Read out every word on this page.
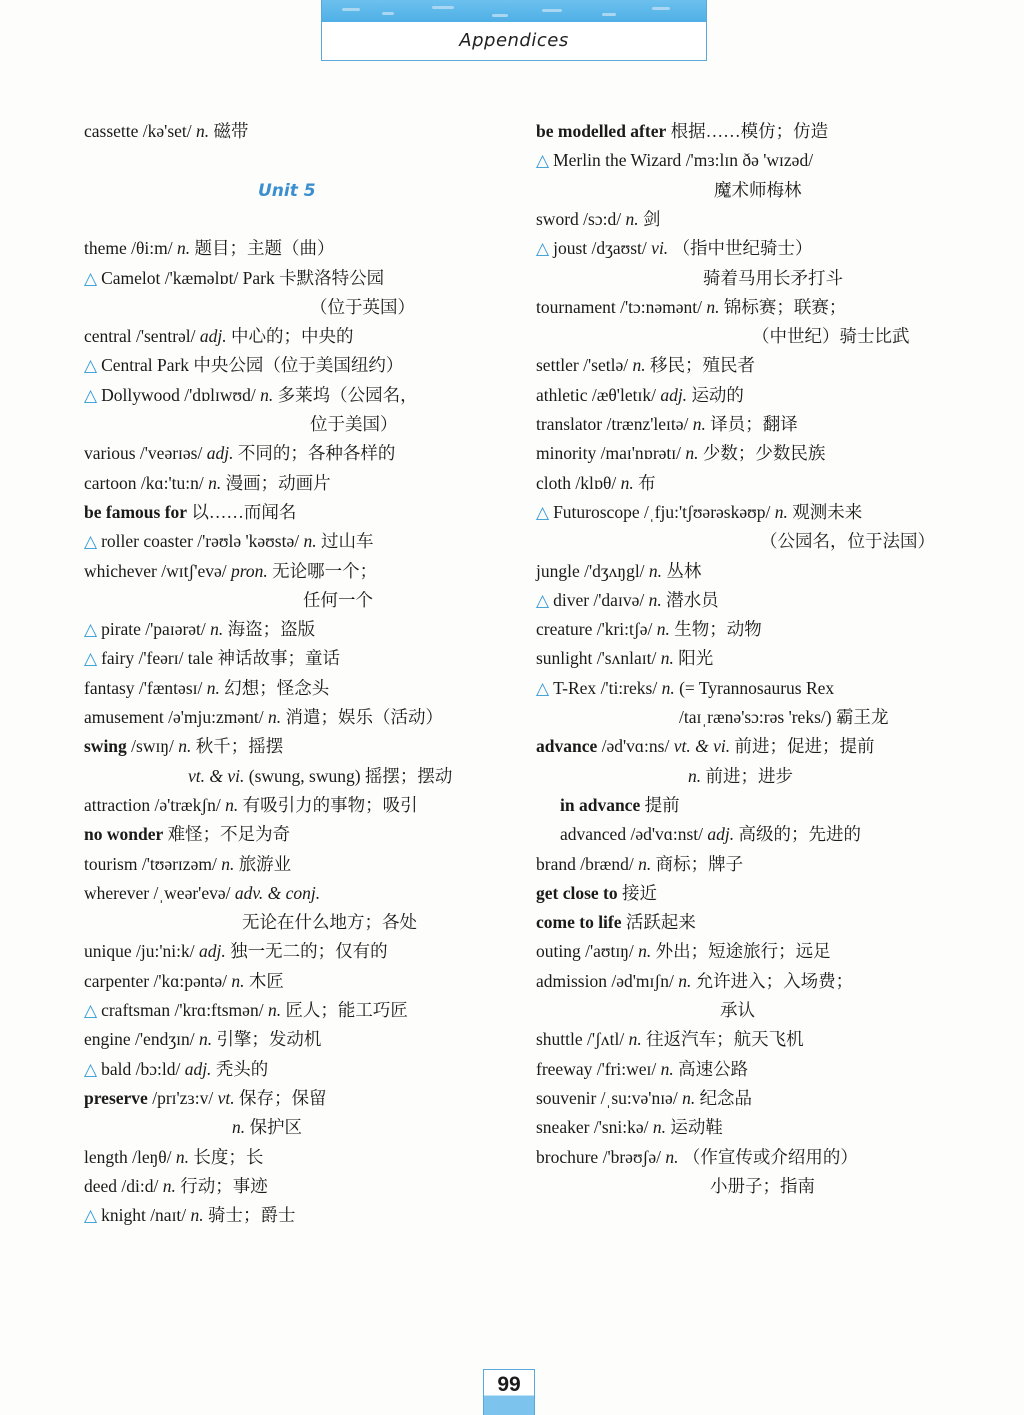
Appendices
cassette /kə'set/ n. 磁带
Unit 5
theme /θi:m/ n. 题目；主题（曲）
△ Camelot /'kæməlɒt/ Park 卡默洛特公园
（位于英国）
central /'sentrəl/ adj. 中心的；中央的
△ Central Park 中央公园（位于美国纽约）
△ Dollywood /'dɒlɪwʊd/ n. 多莱坞（公园名，
位于美国）
various /'veərɪəs/ adj. 不同的；各种各样的
cartoon /kɑ:'tu:n/ n. 漫画；动画片
be famous for 以……而闻名
△ roller coaster /'rəʊlə 'kəʊstə/ n. 过山车
whichever /wɪtʃ'evə/ pron. 无论哪一个；
任何一个
△ pirate /'paɪərət/ n. 海盗；盗版
△ fairy /'feərɪ/ tale 神话故事；童话
fantasy /'fæntəsɪ/ n. 幻想；怪念头
amusement /ə'mju:zmənt/ n. 消遣；娱乐（活动）
swing /swɪŋ/ n. 秋千；摇摆
vt. & vi. (swung, swung) 摇摆；摆动
attraction /ə'trækʃn/ n. 有吸引力的事物；吸引
no wonder 难怪；不足为奇
tourism /'tʊərɪzəm/ n. 旅游业
wherever /ˌweər'evə/ adv. & conj.
无论在什么地方；各处
unique /ju:'ni:k/ adj. 独一无二的；仅有的
carpenter /'kɑ:pəntə/ n. 木匠
△ craftsman /'krɑ:ftsmən/ n. 匠人；能工巧匠
engine /'endʒɪn/ n. 引擎；发动机
△ bald /bɔ:ld/ adj. 秃头的
preserve /prɪ'zɜ:v/ vt. 保存；保留
n. 保护区
length /leŋθ/ n. 长度；长
deed /di:d/ n. 行动；事迹
△ knight /naɪt/ n. 骑士；爵士
be modelled after 根据……模仿；仿造
△ Merlin the Wizard /'mɜ:lɪn ðə 'wɪzəd/
魔术师梅林
sword /sɔ:d/ n. 剑
△ joust /dʒaʊst/ vi. （指中世纪骑士）
骑着马用长矛打斗
tournament /'tɔ:nəmənt/ n. 锦标赛；联赛；
（中世纪）骑士比武
settler /'setlə/ n. 移民；殖民者
athletic /æθ'letɪk/ adj. 运动的
translator /trænz'leɪtə/ n. 译员；翻译
minority /maɪ'nɒrətɪ/ n. 少数；少数民族
cloth /klɒθ/ n. 布
△ Futuroscope /ˌfju:'tʃʊərəskəʊp/ n. 观测未来
（公园名，位于法国）
jungle /'dʒʌŋgl/ n. 丛林
△ diver /'daɪvə/ n. 潜水员
creature /'kri:tʃə/ n. 生物；动物
sunlight /'sʌnlaɪt/ n. 阳光
△ T-Rex /'ti:reks/ n. (= Tyrannosaurus Rex
/taɪˌrænə'sɔ:rəs 'reks/) 霸王龙
advance /əd'vɑ:ns/ vt. & vi. 前进；促进；提前
n. 前进；进步
in advance 提前
advanced /əd'vɑ:nst/ adj. 高级的；先进的
brand /brænd/ n. 商标；牌子
get close to 接近
come to life 活跃起来
outing /'aʊtɪŋ/ n. 外出；短途旅行；远足
admission /əd'mɪʃn/ n. 允许进入；入场费；
承认
shuttle /'ʃʌtl/ n. 往返汽车；航天飞机
freeway /'fri:weɪ/ n. 高速公路
souvenir /ˌsu:və'nɪə/ n. 纪念品
sneaker /'sni:kə/ n. 运动鞋
brochure /'brəʊʃə/ n. （作宣传或介绍用的）
小册子；指南
99
